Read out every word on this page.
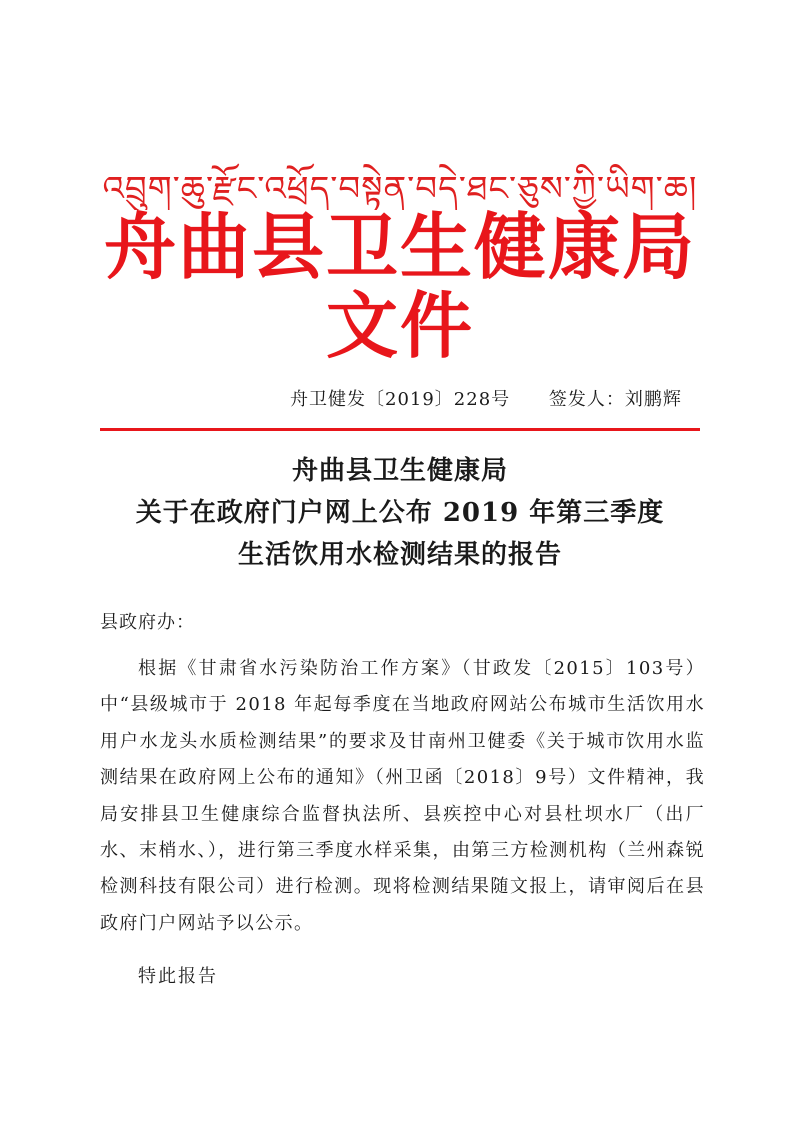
འབྲུག་ཆུ་རྫོང་འཕྲོད་བསྟེན་བདེ་ཐང་ཅུས་ཀྱི་ཡིག་ཆ།
舟曲县卫生健康局文件
舟卫健发〔2019〕228号 签发人：刘鹏辉
舟曲县卫生健康局
关于在政府门户网上公布 2019 年第三季度
生活饮用水检测结果的报告
县政府办：
根据《甘肃省水污染防治工作方案》（甘政发〔2015〕103号）中“县级城市于 2018 年起每季度在当地政府网站公布城市生活饮用水用户水龙头水质检测结果”的要求及甘南州卫健委《关于城市饮用水监测结果在政府网上公布的通知》（州卫函〔2018〕9号）文件精神，我局安排县卫生健康综合监督执法所、县疾控中心对县杜坝水厂（出厂水、末梢水、），进行第三季度水样采集，由第三方检测机构（兰州森锐检测科技有限公司）进行检测。现将检测结果随文报上，请审阅后在县政府门户网站予以公示。
特此报告
